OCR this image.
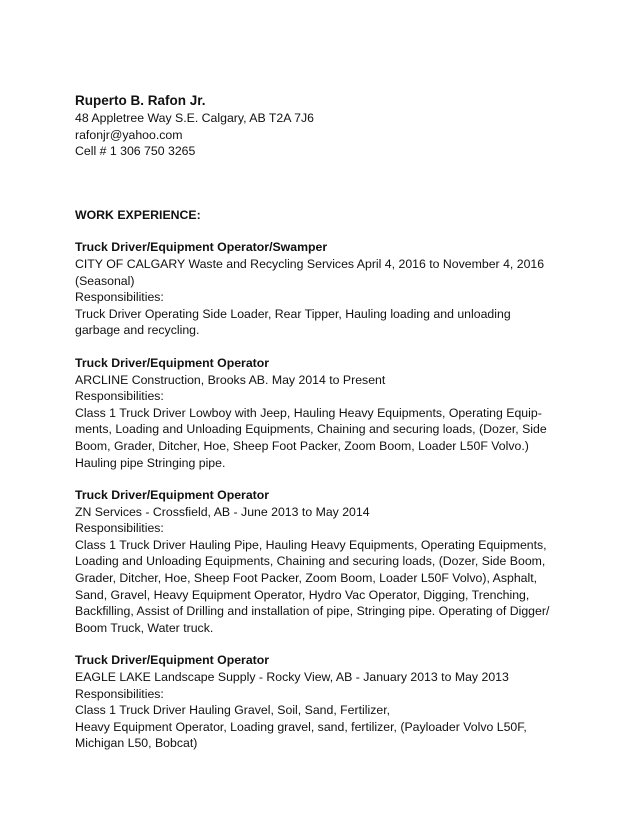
Ruperto B. Rafon Jr.

48 Appletree Way S.E. Calgary, AB T2A 7J6

rafonjr@yahoo.com

Cell # 1 306 750 3265

WORK EXPERIENCE:

Truck Driver/Equipment Operator/Swamper

CITY OF CALGARY Waste and Recycling Services April 4, 2016 to November 4, 2016

(Seasonal)

Responsibilities:

Truck Driver Operating Side Loader, Rear Tipper, Hauling loading and unloading

garbage and recycling.

Truck Driver/Equipment Operator

ARCLINE Construction, Brooks AB. May 2014 to Present

Responsibilities:

Class 1 Truck Driver Lowboy with Jeep, Hauling Heavy Equipments, Operating Equip-

ments, Loading and Unloading Equipments, Chaining and securing loads, (Dozer, Side

Boom, Grader, Ditcher, Hoe, Sheep Foot Packer, Zoom Boom, Loader L50F Volvo.)

Hauling pipe Stringing pipe.

Truck Driver/Equipment Operator

ZN Services - Crossfield, AB - June 2013 to May 2014

Responsibilities:

Class 1 Truck Driver Hauling Pipe, Hauling Heavy Equipments, Operating Equipments,

Loading and Unloading Equipments, Chaining and securing loads, (Dozer, Side Boom,

Grader, Ditcher, Hoe, Sheep Foot Packer, Zoom Boom, Loader L50F Volvo), Asphalt,

Sand, Gravel, Heavy Equipment Operator, Hydro Vac Operator, Digging, Trenching,

Backfilling, Assist of Drilling and installation of pipe, Stringing pipe. Operating of Digger/

Boom Truck, Water truck.

Truck Driver/Equipment Operator

EAGLE LAKE Landscape Supply - Rocky View, AB - January 2013 to May 2013

Responsibilities:

Class 1 Truck Driver Hauling Gravel, Soil, Sand, Fertilizer,

Heavy Equipment Operator, Loading gravel, sand, fertilizer, (Payloader Volvo L50F,

Michigan L50, Bobcat)
